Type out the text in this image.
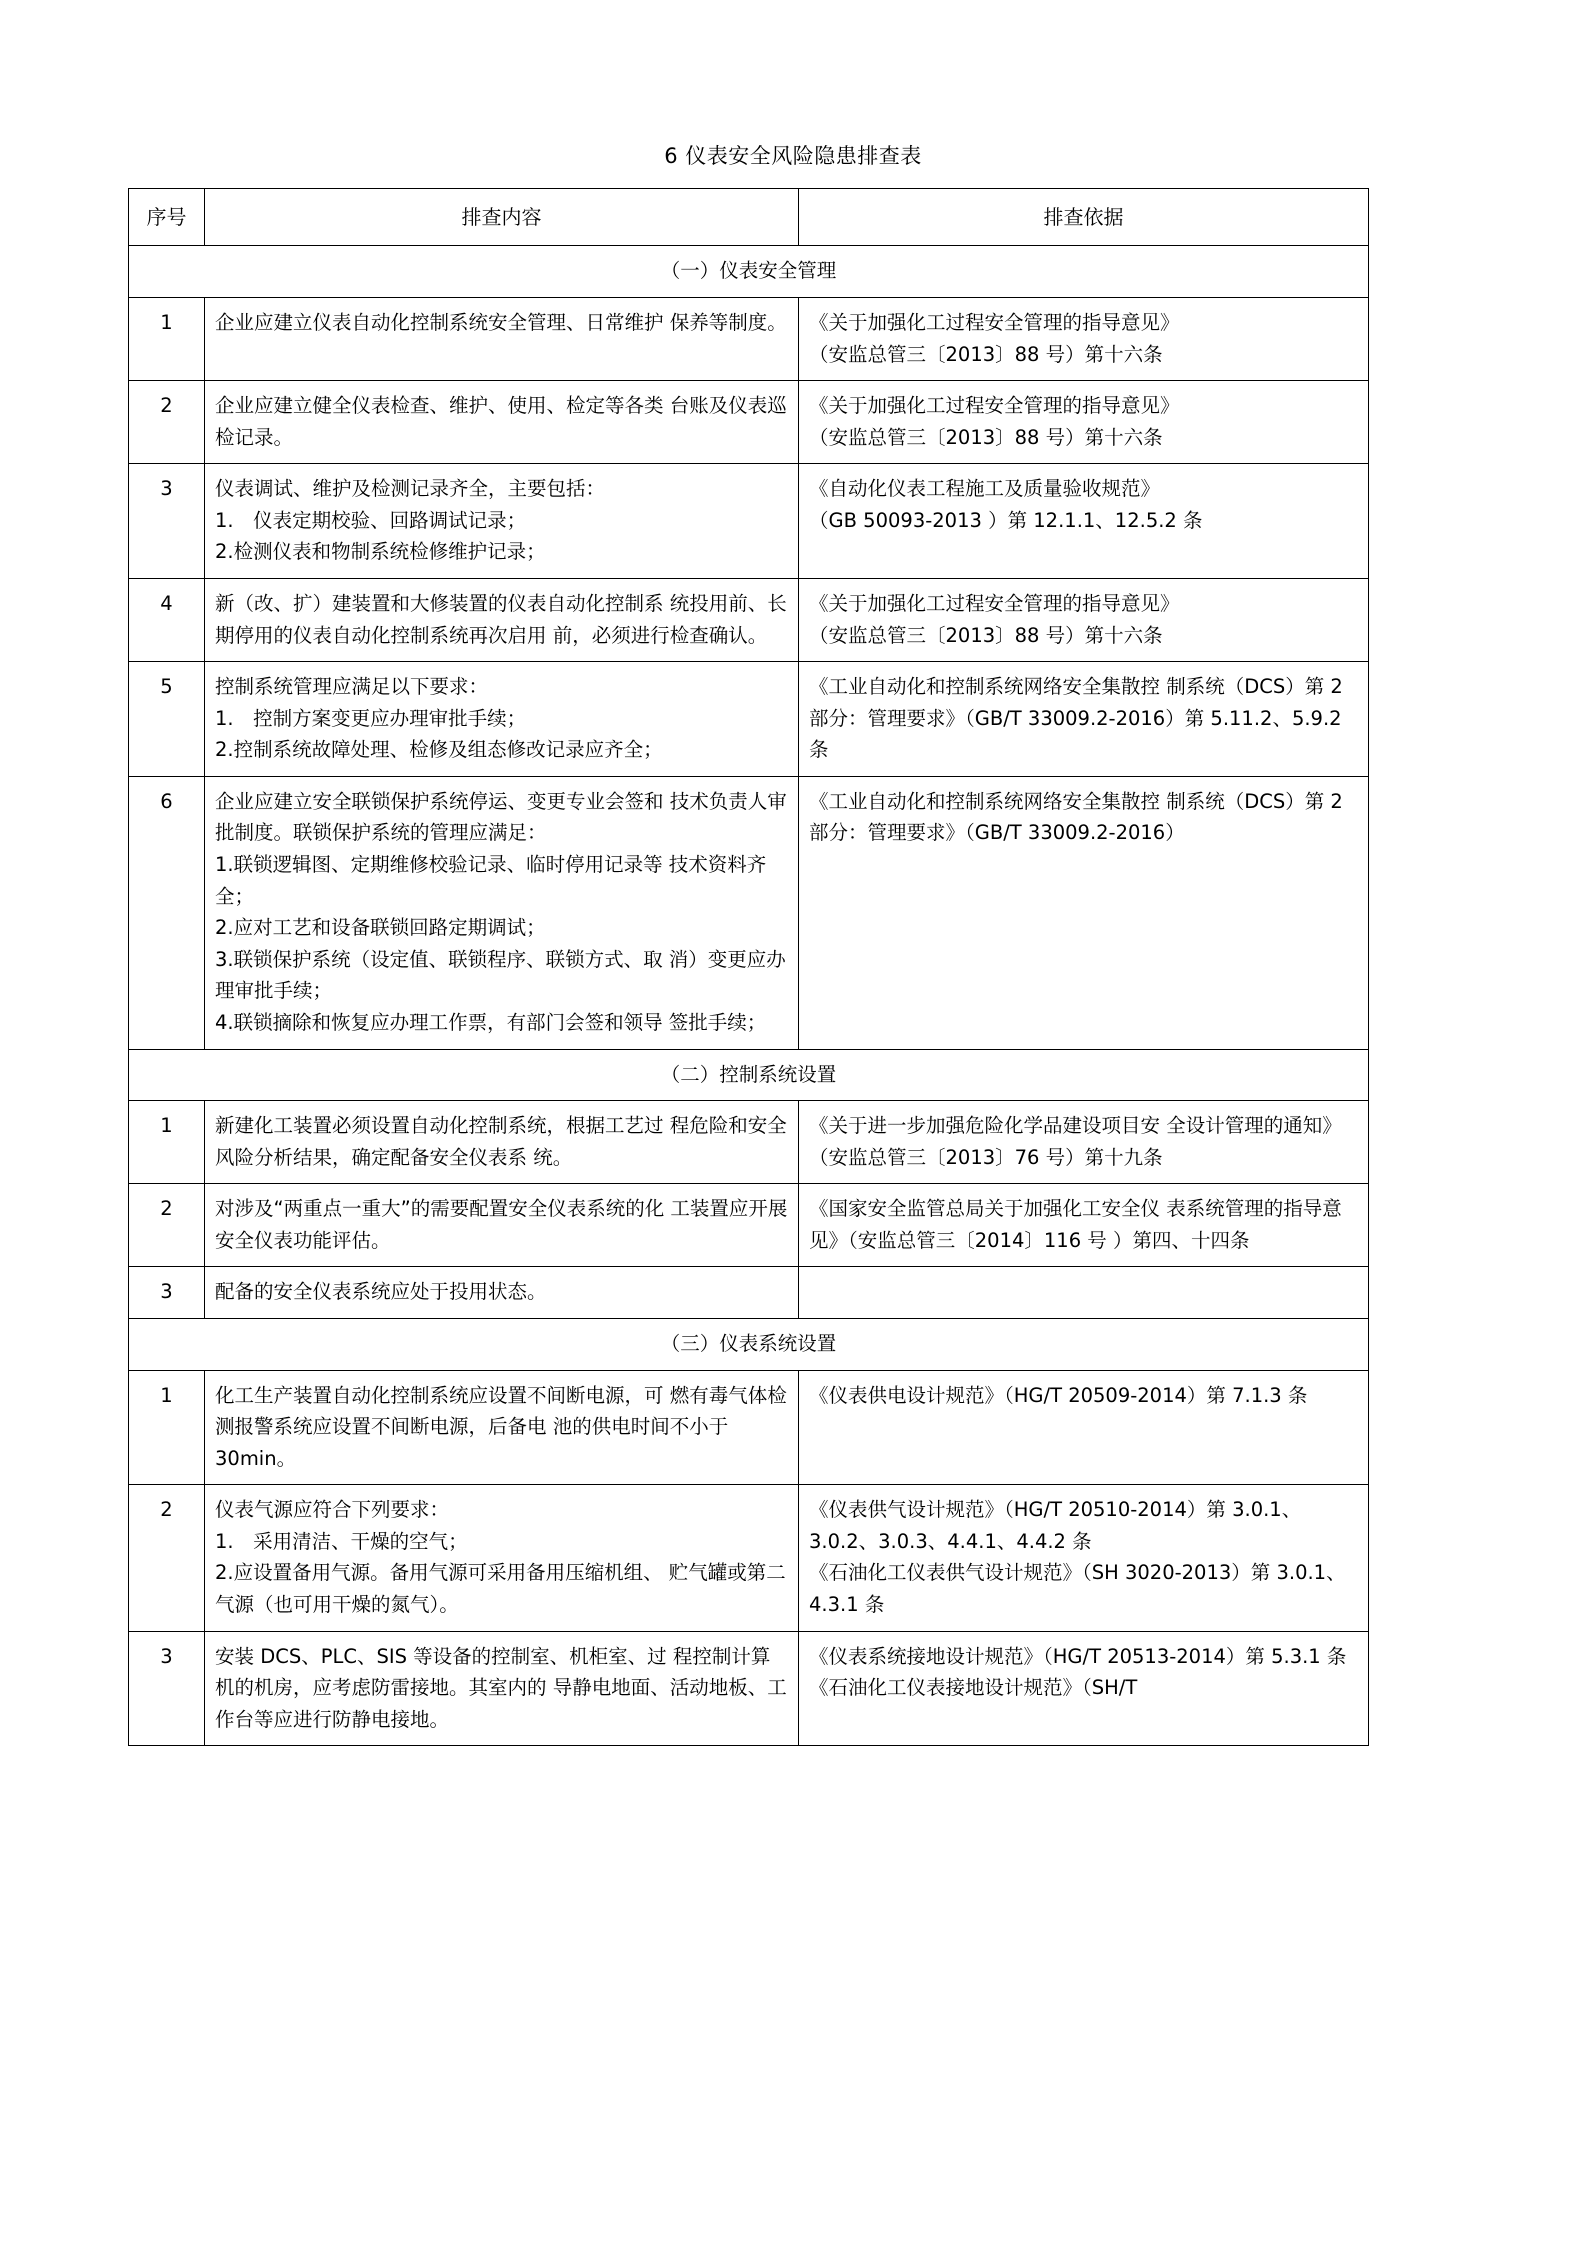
6 仪表安全风险隐患排查表
序号	排查内容	排查依据
（一）仪表安全管理		
1	企业应建立仪表自动化控制系统安全管理、日常维护 保养等制度。	《关于加强化工过程安全管理的指导意见》
（安监总管三〔2013〕88 号）第十六条

2	企业应建立健全仪表检查、维护、使用、检定等各类 台账及仪表巡检记录。	《关于加强化工过程安全管理的指导意见》
（安监总管三〔2013〕88 号）第十六条

3	仪表调试、维护及检测记录齐全，主要包括：
1.　仪表定期校验、回路调试记录；
2.检测仪表和物制系统检修维护记录；	《自动化仪表工程施工及质量验收规范》
（GB 50093-2013 ）第 12.1.1、12.5.2 条

4	新（改、扩）建装置和大修装置的仪表自动化控制系 统投用前、长期停用的仪表自动化控制系统再次启用 前，必须进行检查确认。	《关于加强化工过程安全管理的指导意见》
（安监总管三〔2013〕88 号）第十六条

5	控制系统管理应满足以下要求：
1.　控制方案变更应办理审批手续；
2.控制系统故障处理、检修及组态修改记录应齐全；	《工业自动化和控制系统网络安全集散控 制系统（DCS）第 2 部分：管理要求》（GB/T 33009.2-2016）第 5.11.2、5.9.2 条

6	企业应建立安全联锁保护系统停运、变更专业会签和 技术负责人审批制度。联锁保护系统的管理应满足：
1.联锁逻辑图、定期维修校验记录、临时停用记录等 技术资料齐全；
2.应对工艺和设备联锁回路定期调试；
3.联锁保护系统（设定值、联锁程序、联锁方式、取 消）变更应办理审批手续；
4.联锁摘除和恢复应办理工作票，有部门会签和领导 签批手续；	《工业自动化和控制系统网络安全集散控 制系统（DCS）第 2 部分：管理要求》（GB/T 33009.2-2016）

（二）控制系统设置		
1	新建化工装置必须设置自动化控制系统，根据工艺过 程危险和安全风险分析结果，确定配备安全仪表系 统。	《关于进一步加强危险化学品建设项目安 全设计管理的通知》（安监总管三〔2013〕76 号）第十九条

2	对涉及“两重点一重大”的需要配置安全仪表系统的化 工装置应开展安全仪表功能评估。	《国家安全监管总局关于加强化工安全仪 表系统管理的指导意见》（安监总管三〔2014〕116 号 ）第四、十四条

3	配备的安全仪表系统应处于投用状态。	

（三）仪表系统设置		
1	化工生产装置自动化控制系统应设置不间断电源，可 燃有毒气体检测报警系统应设置不间断电源，后备电 池的供电时间不小于 30min。	《仪表供电设计规范》（HG/T 20509-2014）第 7.1.3 条

2	仪表气源应符合下列要求：
1.　采用清洁、干燥的空气；
2.应设置备用气源。备用气源可采用备用压缩机组、 贮气罐或第二气源（也可用干燥的氮气）。	《仪表供气设计规范》（HG/T 20510-2014）第 3.0.1、3.0.2、3.0.3、4.4.1、4.4.2 条
《石油化工仪表供气设计规范》（SH 3020-2013）第 3.0.1、4.3.1 条

3	安装 DCS、PLC、SIS 等设备的控制室、机柜室、过 程控制计算机的机房，应考虑防雷接地。其室内的 导静电地面、活动地板、工作台等应进行防静电接地。	《仪表系统接地设计规范》（HG/T 20513-2014）第 5.3.1 条
《石油化工仪表接地设计规范》（SH/T
